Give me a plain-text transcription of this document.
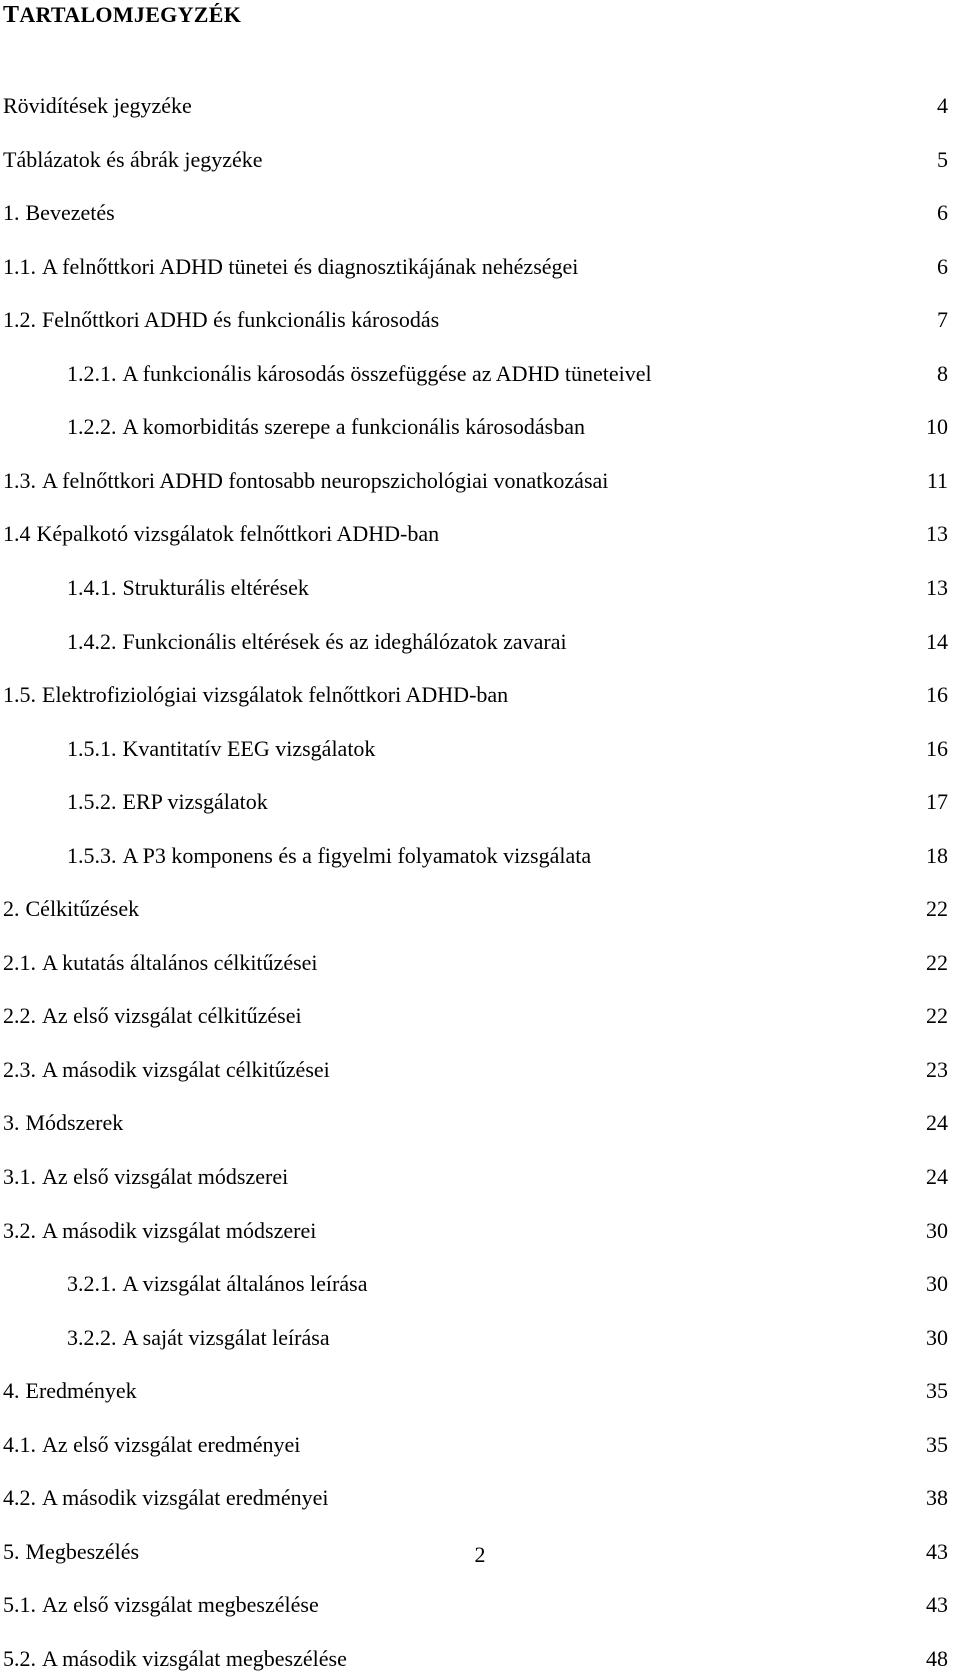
TARTALOMJEGYZÉK
Rövidítések jegyzéke	4
Táblázatok és ábrák jegyzéke	5
1. Bevezetés	6
1.1. A felnőttkori ADHD tünetei és diagnosztikájának nehézségei	6
1.2. Felnőttkori ADHD és funkcionális károsodás	7
1.2.1. A funkcionális károsodás összefüggése az ADHD tüneteivel	8
1.2.2. A komorbiditás szerepe a funkcionális károsodásban	10
1.3. A felnőttkori ADHD fontosabb neuropszichológiai vonatkozásai	11
1.4 Képalkotó vizsgálatok felnőttkori ADHD-ban	13
1.4.1. Strukturális eltérések	13
1.4.2. Funkcionális eltérések és az ideghálózatok zavarai	14
1.5. Elektrofiziológiai vizsgálatok felnőttkori ADHD-ban	16
1.5.1. Kvantitatív EEG vizsgálatok	16
1.5.2. ERP vizsgálatok	17
1.5.3. A P3 komponens és a figyelmi folyamatok vizsgálata	18
2. Célkitűzések	22
2.1. A kutatás általános célkitűzései	22
2.2. Az első vizsgálat célkitűzései	22
2.3. A második vizsgálat célkitűzései	23
3. Módszerek	24
3.1. Az első vizsgálat módszerei	24
3.2. A második vizsgálat módszerei	30
3.2.1. A vizsgálat általános leírása	30
3.2.2. A saját vizsgálat leírása	30
4. Eredmények	35
4.1. Az első vizsgálat eredményei	35
4.2. A második vizsgálat eredményei	38
5. Megbeszélés	43
5.1. Az első vizsgálat megbeszélése	43
5.2. A második vizsgálat megbeszélése	48
2
